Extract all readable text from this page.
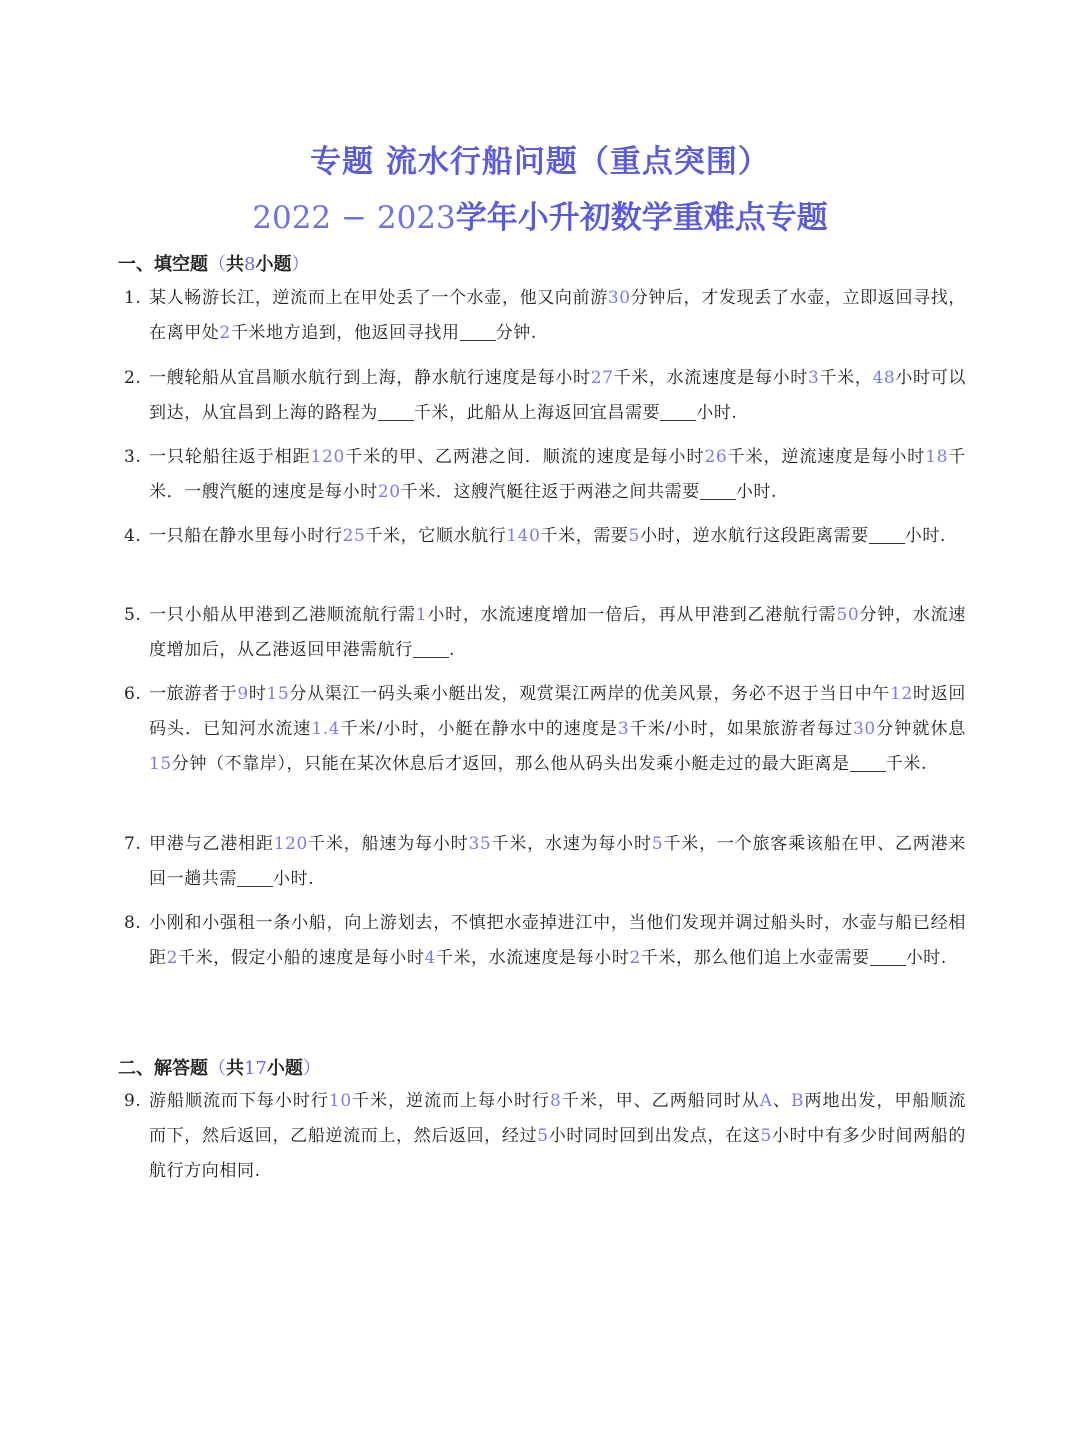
专题 流水行船问题（重点突围）
2022 − 2023学年小升初数学重难点专题
一、填空题（共8小题）
1. 某人畅游长江，逆流而上在甲处丢了一个水壶，他又向前游30分钟后，才发现丢了水壶，立即返回寻找，在离甲处2千米地方追到，他返回寻找用 分钟.
2. 一艘轮船从宜昌顺水航行到上海，静水航行速度是每小时27千米，水流速度是每小时3千米，48小时可以到达，从宜昌到上海的路程为 千米，此船从上海返回宜昌需要 小时.
3. 一只轮船往返于相距120千米的甲、乙两港之间．顺流的速度是每小时26千米，逆流速度是每小时18千米．一艘汽艇的速度是每小时20千米．这艘汽艇往返于两港之间共需要 小时.
4. 一只船在静水里每小时行25千米，它顺水航行140千米，需要5小时，逆水航行这段距离需要 小时.
5. 一只小船从甲港到乙港顺流航行需1小时，水流速度增加一倍后，再从甲港到乙港航行需50分钟，水流速度增加后，从乙港返回甲港需航行 .
6. 一旅游者于9时15分从渠江一码头乘小艇出发，观赏渠江两岸的优美风景，务必不迟于当日中午12时返回码头．已知河水流速1.4千米/小时，小艇在静水中的速度是3千米/小时，如果旅游者每过30分钟就休息15分钟（不靠岸），只能在某次休息后才返回，那么他从码头出发乘小艇走过的最大距离是 千米.
7. 甲港与乙港相距120千米，船速为每小时35千米，水速为每小时5千米，一个旅客乘该船在甲、乙两港来回一趟共需 小时.
8. 小刚和小强租一条小船，向上游划去，不慎把水壶掉进江中，当他们发现并调过船头时，水壶与船已经相距2千米，假定小船的速度是每小时4千米，水流速度是每小时2千米，那么他们追上水壶需要 小时.
二、解答题（共17小题）
9. 游船顺流而下每小时行10千米，逆流而上每小时行8千米，甲、乙两船同时从A、B两地出发，甲船顺流而下，然后返回，乙船逆流而上，然后返回，经过5小时同时回到出发点，在这5小时中有多少时间两船的航行方向相同.
